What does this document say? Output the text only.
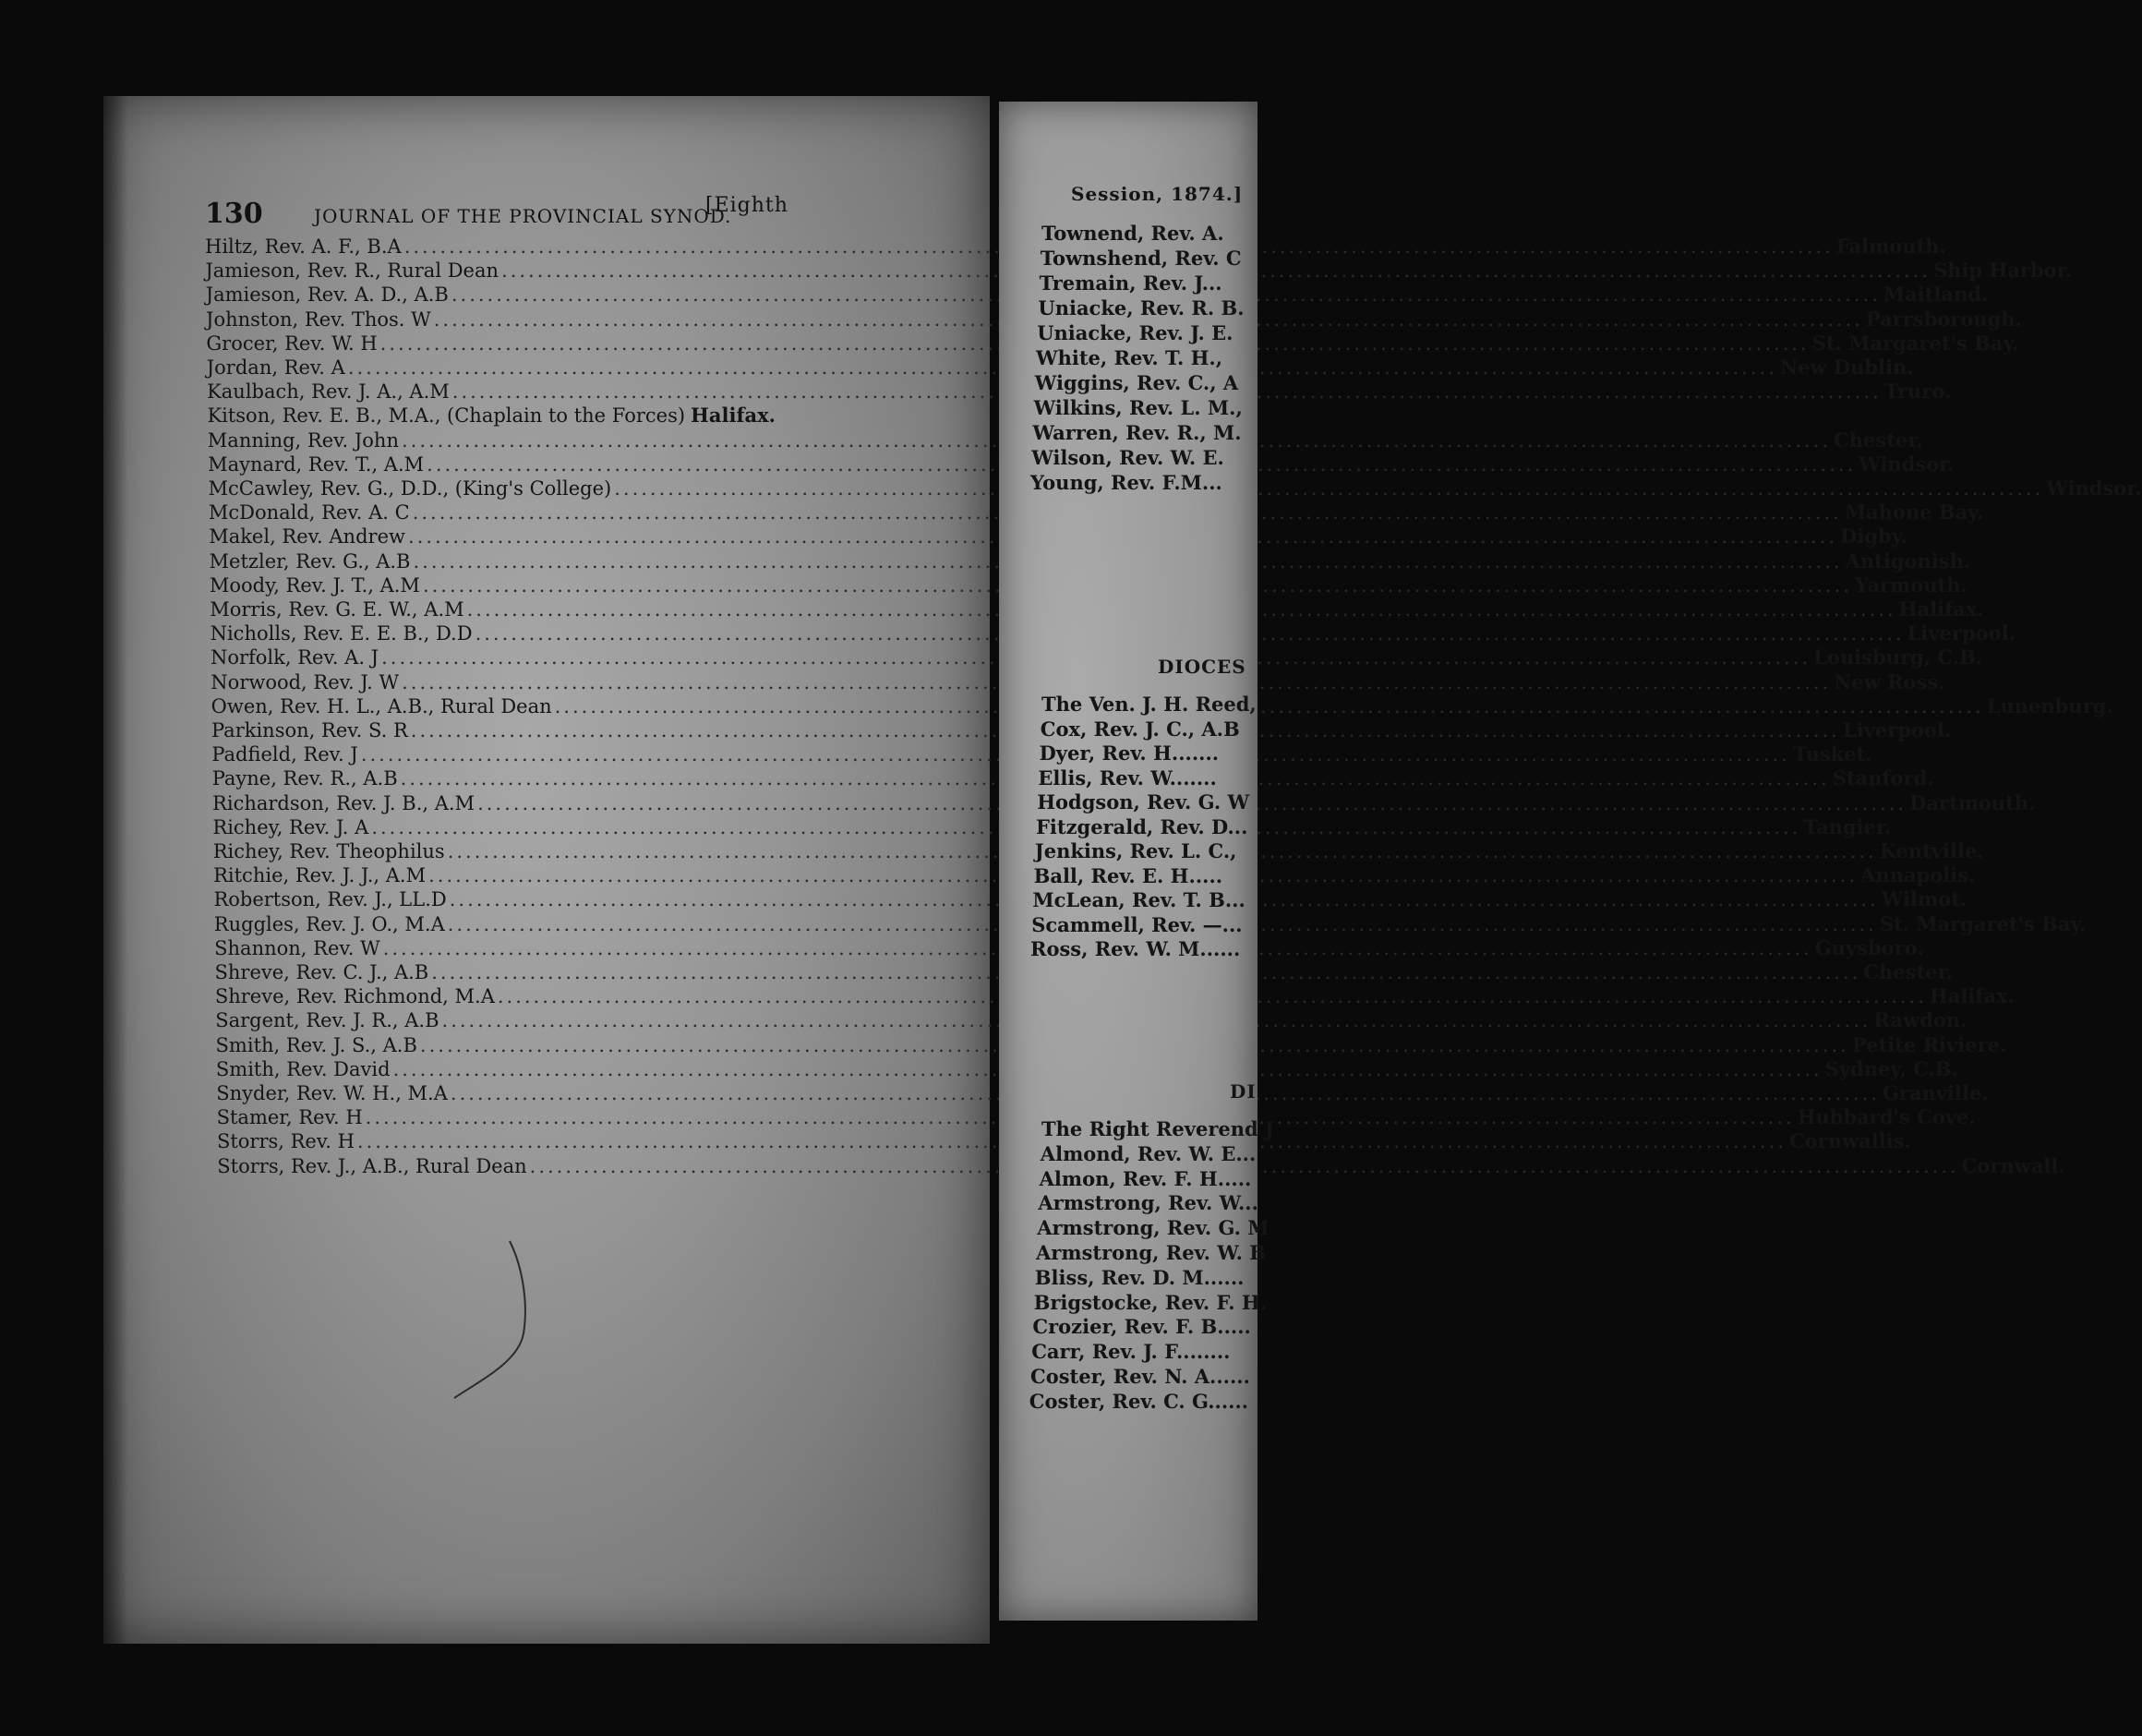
130	JOURNAL OF THE PROVINCIAL SYNOD.
[Eighth
Hiltz, Rev. A. F., B.A .....	Falmouth.
Jamieson, Rev. R., Rural Dean .....	Ship Harbor.
Jamieson, Rev. A. D., A.B .....	Maitland.
Johnston, Rev. Thos. W .....	Parrsborough.
Grocer, Rev. W. H .....	St. Margaret's Bay.
Jordan, Rev. A .....	New Dublin.
Kaulbach, Rev. J. A., A.M .....	Truro.
Kitson, Rev. E. B., M.A., (Chaplain to the Forces) Halifax.
Manning, Rev. John .....	Chester.
Maynard, Rev. T., A.M .....	Windsor.
McCawley, Rev. G., D.D., (King's College) .....	Windsor.
McDonald, Rev. A. C .....	Mahone Bay.
Makel, Rev. Andrew .....	Digby.
Metzler, Rev. G., A.B .....	Antigonish.
Moody, Rev. J. T., A.M .....	Yarmouth.
Morris, Rev. G. E. W., A.M .....	Halifax.
Nicholls, Rev. E. E. B., D.D .....	Liverpool.
Norfolk, Rev. A. J .....	Louisburg, C.B.
Norwood, Rev. J. W .....	New Ross.
Owen, Rev. H. L., A.B., Rural Dean .....	Lunenburg.
Parkinson, Rev. S. R .....	Liverpool.
Padfield, Rev. J .....	Tusket.
Payne, Rev. R., A.B .....	Stanford.
Richardson, Rev. J. B., A.M .....	Dartmouth.
Richey, Rev. J. A .....	Tangier.
Richey, Rev. Theophilus .....	Kentville.
Ritchie, Rev. J. J., A.M .....	Annapolis.
Robertson, Rev. J., LL.D .....	Wilmot.
Ruggles, Rev. J. O., M.A .....	St. Margaret's Bay.
Shannon, Rev. W .....	Guysboro.
Shreve, Rev. C. J., A.B .....	Chester.
Shreve, Rev. Richmond, M.A .....	Halifax.
Sargent, Rev. J. R., A.B .....	Rawdon.
Smith, Rev. J. S., A.B .....	Petite Riviere.
Smith, Rev. David .....	Sydney, C.B.
Snyder, Rev. W. H., M.A .....	Granville.
Stamer, Rev. H .....	Hubbard's Cove.
Storrs, Rev. H .....	Cornwallis.
Storrs, Rev. J., A.B., Rural Dean .....	Cornwall.
Session, 1874.]
Townend, Rev. A.
Townshend, Rev. C
Tremain, Rev. J...
Uniacke, Rev. R. B.
Uniacke, Rev. J. E.
White, Rev. T. H.,
Wiggins, Rev. C., A
Wilkins, Rev. L. M.,
Warren, Rev. R., M.
Wilson, Rev. W. E.
Young, Rev. F.M...
DIOCES
The Ven. J. H. Reed,
Cox, Rev. J. C., A.B
Dyer, Rev. H.......
Ellis, Rev. W.......
Hodgson, Rev. G. W
Fitzgerald, Rev. D...
Jenkins, Rev. L. C.,
Ball, Rev. E. H.....
McLean, Rev. T. B...
Scammell, Rev. —...
Ross, Rev. W. M......
DI
The Right Reverend J
Almond, Rev. W. E...
Almon, Rev. F. H.....
Armstrong, Rev. W...
Armstrong, Rev. G. M
Armstrong, Rev. W. B
Bliss, Rev. D. M......
Brigstocke, Rev. F. H.
Crozier, Rev. F. B.....
Carr, Rev. J. F........
Coster, Rev. N. A......
Coster, Rev. C. G......
